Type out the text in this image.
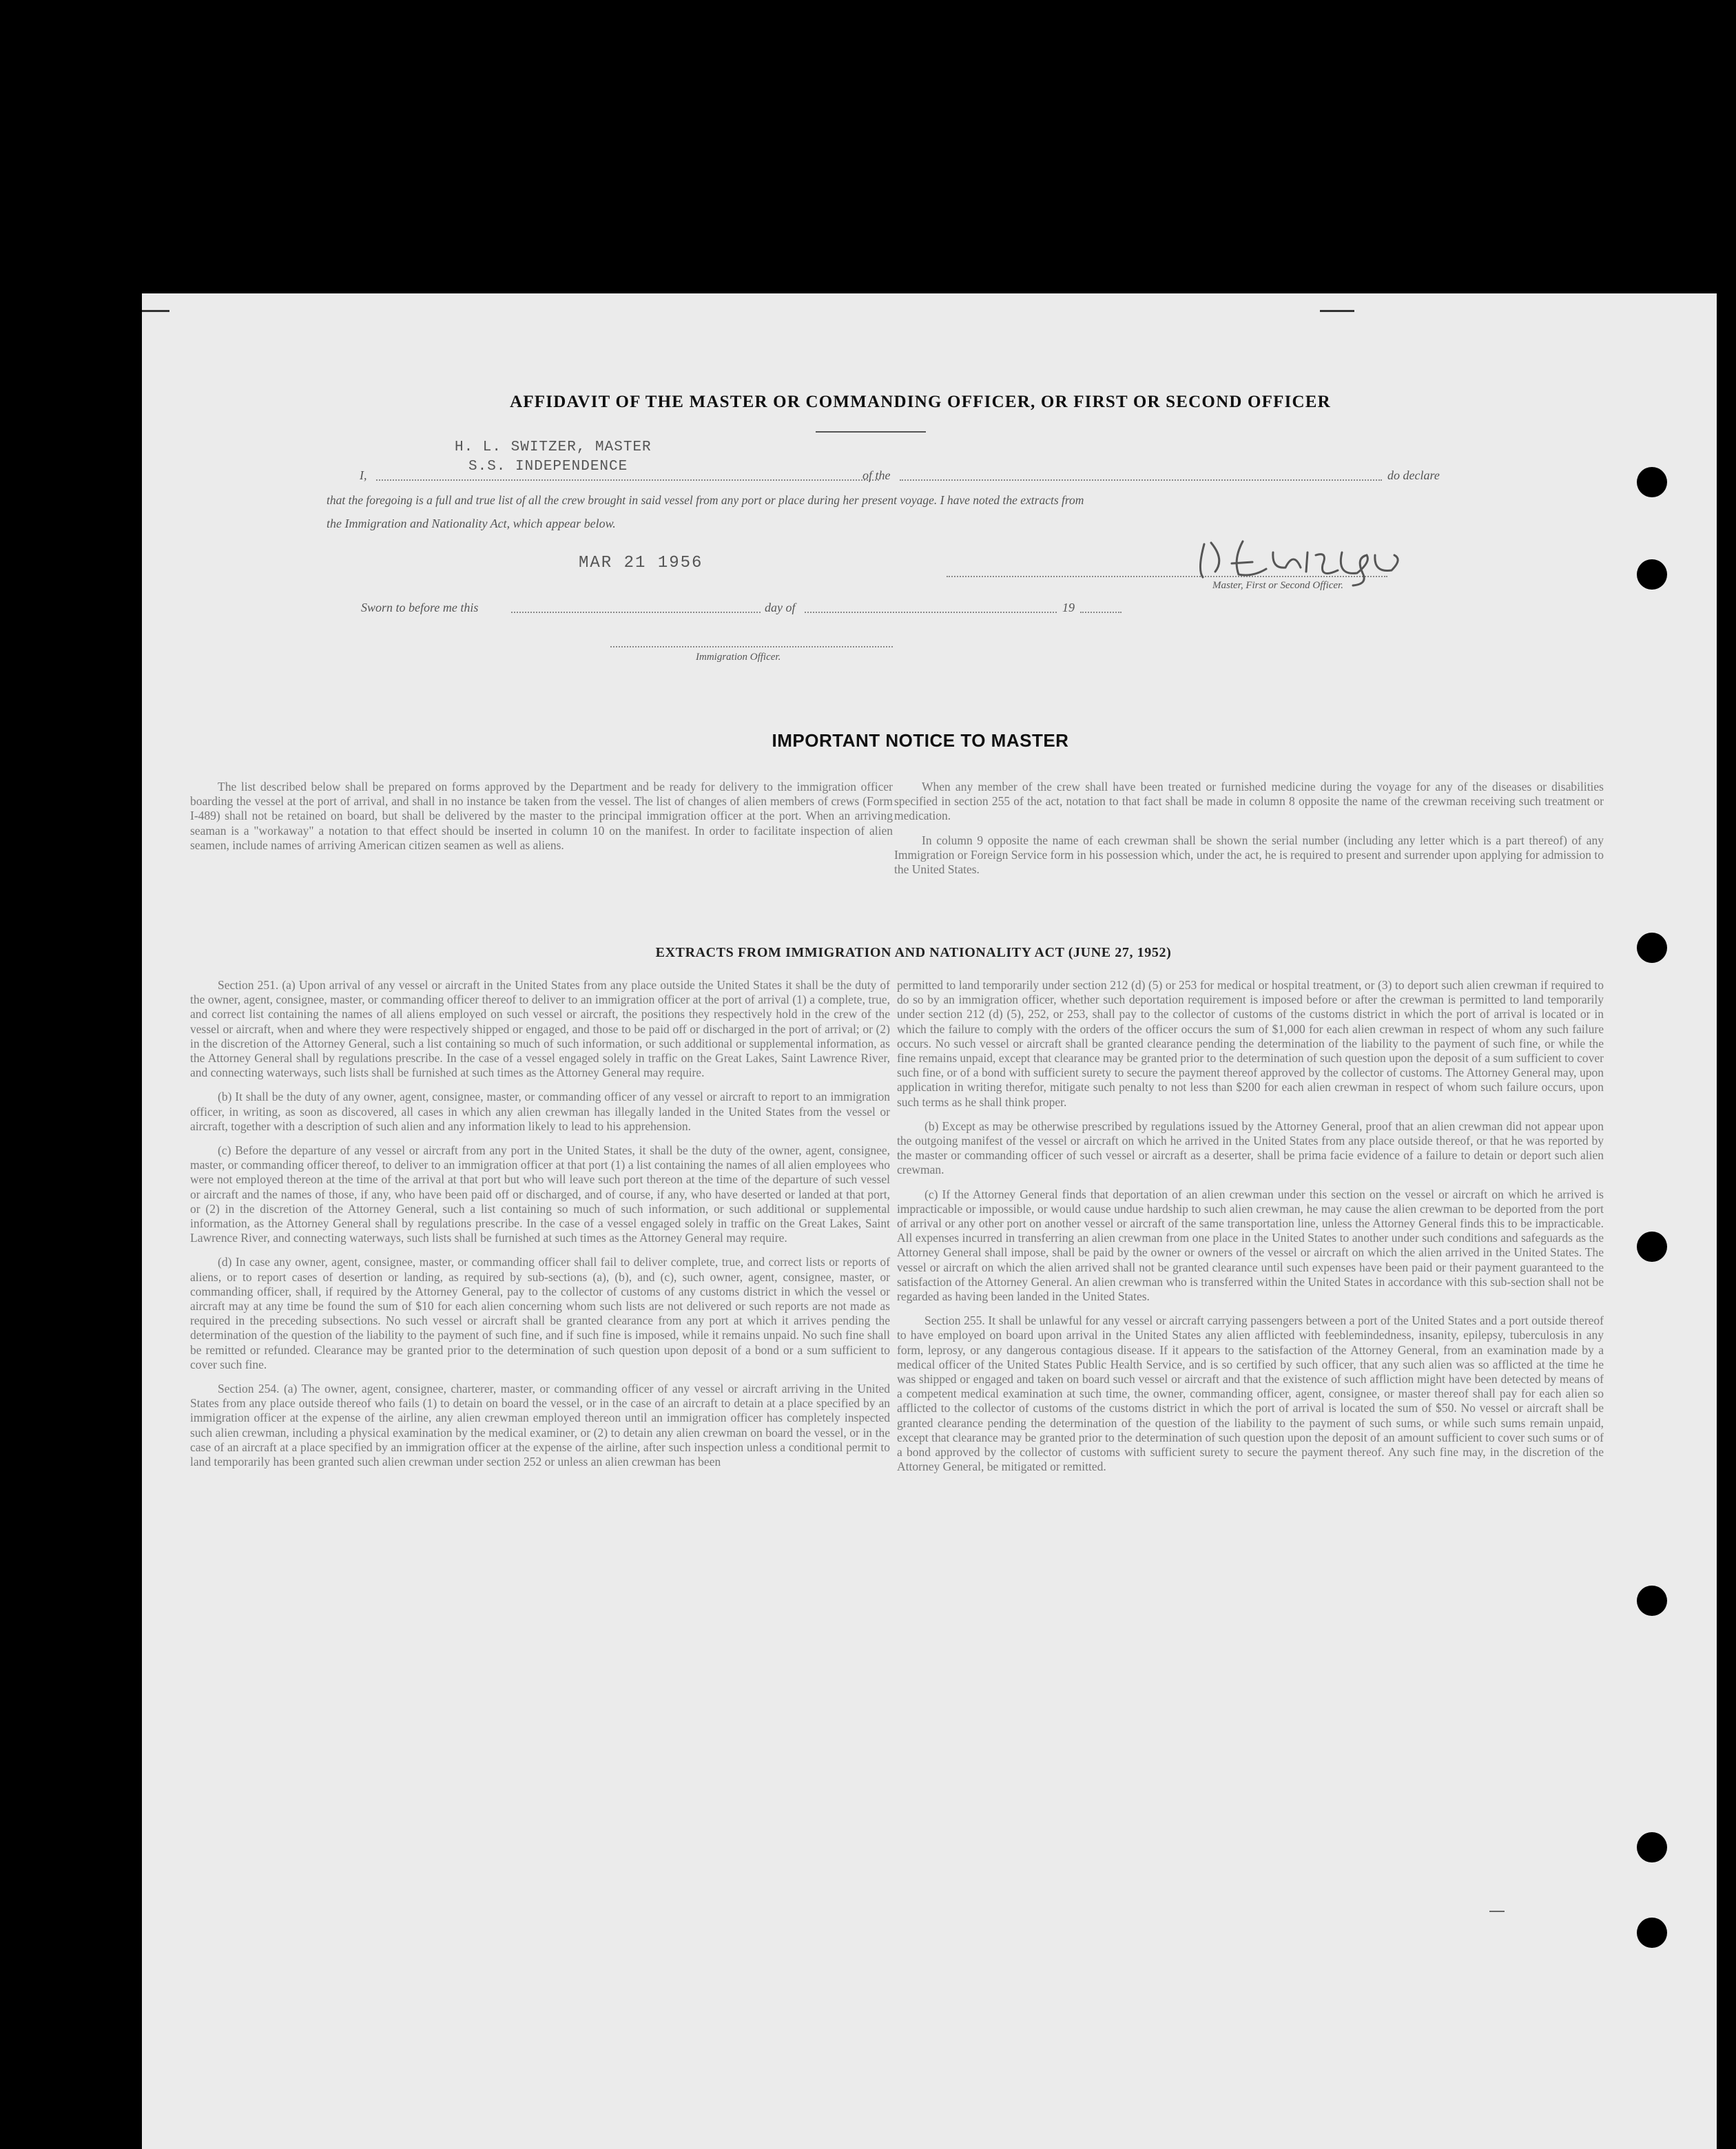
AFFIDAVIT OF THE MASTER OR COMMANDING OFFICER, OR FIRST OR SECOND OFFICER
H. L. SWITZER, MASTER
I,
S.S. INDEPENDENCE
of the	do declare
that the foregoing is a full and true list of all the crew brought in said vessel from any port or place during her present voyage. I have noted the extracts from
the Immigration and Nationality Act, which appear below.
MAR 21 1956
Master, First or Second Officer.
Sworn to before me this	day of	19
Immigration Officer.
IMPORTANT NOTICE TO MASTER

The list described below shall be prepared on forms approved by the Department and be ready for delivery to the immigration officer boarding the vessel at the port of arrival, and shall in no instance be taken from the vessel. The list of changes of alien members of crews (Form I-489) shall not be retained on board, but shall be delivered by the master to the principal immigration officer at the port. When an arriving seaman is a "workaway" a notation to that effect should be inserted in column 10 on the manifest. In order to facilitate inspection of alien seamen, include names of arriving American citizen seamen as well as aliens.

When any member of the crew shall have been treated or furnished medicine during the voyage for any of the diseases or disabilities specified in section 255 of the act, notation to that fact shall be made in column 8 opposite the name of the crewman receiving such treatment or medication.

In column 9 opposite the name of each crewman shall be shown the serial number (including any letter which is a part thereof) of any Immigration or Foreign Service form in his possession which, under the act, he is required to present and surrender upon applying for admission to the United States.

EXTRACTS FROM IMMIGRATION AND NATIONALITY ACT (JUNE 27, 1952)

Section 251. (a) Upon arrival of any vessel or aircraft in the United States from any place outside the United States it shall be the duty of the owner, agent, consignee, master, or commanding officer thereof to deliver to an immigration officer at the port of arrival (1) a complete, true, and correct list containing the names of all aliens employed on such vessel or aircraft, the positions they respectively hold in the crew of the vessel or aircraft, when and where they were respectively shipped or engaged, and those to be paid off or discharged in the port of arrival; or (2) in the discretion of the Attorney General, such a list containing so much of such information, or such additional or supplemental information, as the Attorney General shall by regulations prescribe. In the case of a vessel engaged solely in traffic on the Great Lakes, Saint Lawrence River, and connecting waterways, such lists shall be furnished at such times as the Attorney General may require.

(b) It shall be the duty of any owner, agent, consignee, master, or commanding officer of any vessel or aircraft to report to an immigration officer, in writing, as soon as discovered, all cases in which any alien crewman has illegally landed in the United States from the vessel or aircraft, together with a description of such alien and any information likely to lead to his apprehension.

(c) Before the departure of any vessel or aircraft from any port in the United States, it shall be the duty of the owner, agent, consignee, master, or commanding officer thereof, to deliver to an immigration officer at that port (1) a list containing the names of all alien employees who were not employed thereon at the time of the arrival at that port but who will leave such port thereon at the time of the departure of such vessel or aircraft and the names of those, if any, who have been paid off or discharged, and of course, if any, who have deserted or landed at that port, or (2) in the discretion of the Attorney General, such a list containing so much of such information, or such additional or supplemental information, as the Attorney General shall by regulations prescribe. In the case of a vessel engaged solely in traffic on the Great Lakes, Saint Lawrence River, and connecting waterways, such lists shall be furnished at such times as the Attorney General may require.

(d) In case any owner, agent, consignee, master, or commanding officer shall fail to deliver complete, true, and correct lists or reports of aliens, or to report cases of desertion or landing, as required by sub-sections (a), (b), and (c), such owner, agent, consignee, master, or commanding officer, shall, if required by the Attorney General, pay to the collector of customs of any customs district in which the vessel or aircraft may at any time be found the sum of $10 for each alien concerning whom such lists are not delivered or such reports are not made as required in the preceding subsections. No such vessel or aircraft shall be granted clearance from any port at which it arrives pending the determination of the question of the liability to the payment of such fine, and if such fine is imposed, while it remains unpaid. No such fine shall be remitted or refunded. Clearance may be granted prior to the determination of such question upon deposit of a bond or a sum sufficient to cover such fine.

Section 254. (a) The owner, agent, consignee, charterer, master, or commanding officer of any vessel or aircraft arriving in the United States from any place outside thereof who fails (1) to detain on board the vessel, or in the case of an aircraft to detain at a place specified by an immigration officer at the expense of the airline, any alien crewman employed thereon until an immigration officer has completely inspected such alien crewman, including a physical examination by the medical examiner, or (2) to detain any alien crewman on board the vessel, or in the case of an aircraft at a place specified by an immigration officer at the expense of the airline, after such inspection unless a conditional permit to land temporarily has been granted such alien crewman under section 252 or unless an alien crewman has been

permitted to land temporarily under section 212 (d) (5) or 253 for medical or hospital treatment, or (3) to deport such alien crewman if required to do so by an immigration officer, whether such deportation requirement is imposed before or after the crewman is permitted to land temporarily under section 212 (d) (5), 252, or 253, shall pay to the collector of customs of the customs district in which the port of arrival is located or in which the failure to comply with the orders of the officer occurs the sum of $1,000 for each alien crewman in respect of whom any such failure occurs. No such vessel or aircraft shall be granted clearance pending the determination of the liability to the payment of such fine, or while the fine remains unpaid, except that clearance may be granted prior to the determination of such question upon the deposit of a sum sufficient to cover such fine, or of a bond with sufficient surety to secure the payment thereof approved by the collector of customs. The Attorney General may, upon application in writing therefor, mitigate such penalty to not less than $200 for each alien crewman in respect of whom such failure occurs, upon such terms as he shall think proper.

(b) Except as may be otherwise prescribed by regulations issued by the Attorney General, proof that an alien crewman did not appear upon the outgoing manifest of the vessel or aircraft on which he arrived in the United States from any place outside thereof, or that he was reported by the master or commanding officer of such vessel or aircraft as a deserter, shall be prima facie evidence of a failure to detain or deport such alien crewman.

(c) If the Attorney General finds that deportation of an alien crewman under this section on the vessel or aircraft on which he arrived is impracticable or impossible, or would cause undue hardship to such alien crewman, he may cause the alien crewman to be deported from the port of arrival or any other port on another vessel or aircraft of the same transportation line, unless the Attorney General finds this to be impracticable. All expenses incurred in transferring an alien crewman from one place in the United States to another under such conditions and safeguards as the Attorney General shall impose, shall be paid by the owner or owners of the vessel or aircraft on which the alien arrived in the United States. The vessel or aircraft on which the alien arrived shall not be granted clearance until such expenses have been paid or their payment guaranteed to the satisfaction of the Attorney General. An alien crewman who is transferred within the United States in accordance with this sub-section shall not be regarded as having been landed in the United States.

Section 255. It shall be unlawful for any vessel or aircraft carrying passengers between a port of the United States and a port outside thereof to have employed on board upon arrival in the United States any alien afflicted with feeblemindedness, insanity, epilepsy, tuberculosis in any form, leprosy, or any dangerous contagious disease. If it appears to the satisfaction of the Attorney General, from an examination made by a medical officer of the United States Public Health Service, and is so certified by such officer, that any such alien was so afflicted at the time he was shipped or engaged and taken on board such vessel or aircraft and that the existence of such affliction might have been detected by means of a competent medical examination at such time, the owner, commanding officer, agent, consignee, or master thereof shall pay for each alien so afflicted to the collector of customs of the customs district in which the port of arrival is located the sum of $50. No vessel or aircraft shall be granted clearance pending the determination of the question of the liability to the payment of such sums, or while such sums remain unpaid, except that clearance may be granted prior to the determination of such question upon the deposit of an amount sufficient to cover such sums or of a bond approved by the collector of customs with sufficient surety to secure the payment thereof. Any such fine may, in the discretion of the Attorney General, be mitigated or remitted.
